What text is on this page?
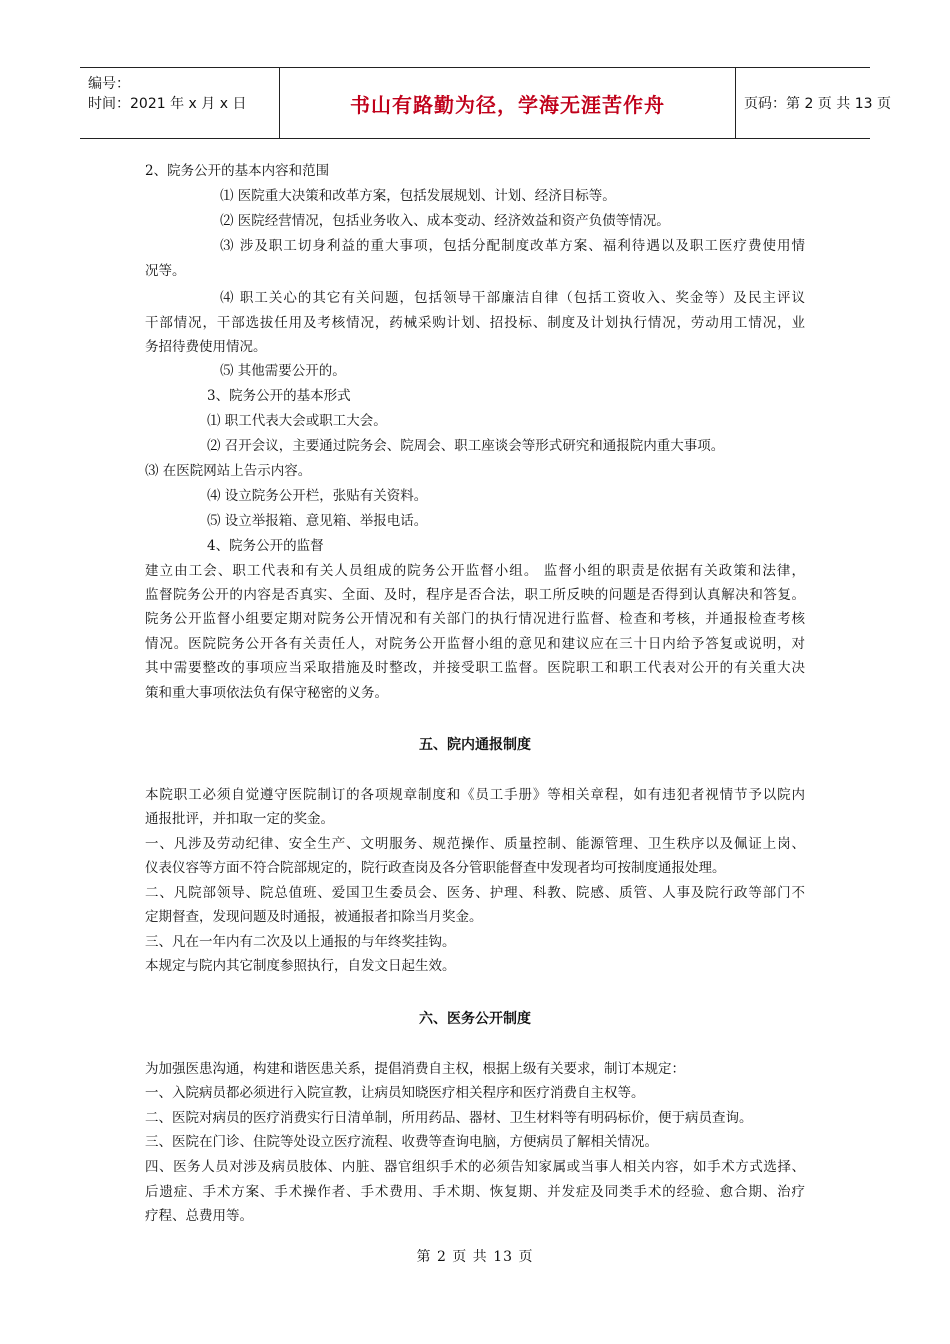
编号：
时间：2021 年 x 月 x 日	书山有路勤为径，学海无涯苦作舟	页码：第 2 页 共 13 页
2、院务公开的基本内容和范围
⑴ 医院重大决策和改革方案，包括发展规划、计划、经济目标等。
⑵ 医院经营情况，包括业务收入、成本变动、经济效益和资产负债等情况。
⑶ 涉及职工切身利益的重大事项，包括分配制度改革方案、福利待遇以及职工医疗费使用情
况等。
⑷ 职工关心的其它有关问题，包括领导干部廉洁自律（包括工资收入、奖金等）及民主评议
干部情况，干部选拔任用及考核情况，药械采购计划、招投标、制度及计划执行情况，劳动用工情况，业
务招待费使用情况。
⑸ 其他需要公开的。
3、院务公开的基本形式
⑴ 职工代表大会或职工大会。
⑵ 召开会议，主要通过院务会、院周会、职工座谈会等形式研究和通报院内重大事项。
⑶ 在医院网站上告示内容。
⑷ 设立院务公开栏，张贴有关资料。
⑸ 设立举报箱、意见箱、举报电话。
4、院务公开的监督
建立由工会、职工代表和有关人员组成的院务公开监督小组。 监督小组的职责是依据有关政策和法律，
监督院务公开的内容是否真实、全面、及时，程序是否合法，职工所反映的问题是否得到认真解决和答复。
院务公开监督小组要定期对院务公开情况和有关部门的执行情况进行监督、检查和考核，并通报检查考核
情况。医院院务公开各有关责任人，对院务公开监督小组的意见和建议应在三十日内给予答复或说明，对
其中需要整改的事项应当采取措施及时整改，并接受职工监督。医院职工和职工代表对公开的有关重大决
策和重大事项依法负有保守秘密的义务。
五、院内通报制度
本院职工必须自觉遵守医院制订的各项规章制度和《员工手册》等相关章程，如有违犯者视情节予以院内
通报批评，并扣取一定的奖金。
一、凡涉及劳动纪律、安全生产、文明服务、规范操作、质量控制、能源管理、卫生秩序以及佩证上岗、
仪表仪容等方面不符合院部规定的，院行政查岗及各分管职能督查中发现者均可按制度通报处理。
二、凡院部领导、院总值班、爱国卫生委员会、医务、护理、科教、院感、质管、人事及院行政等部门不
定期督查，发现问题及时通报，被通报者扣除当月奖金。
三、凡在一年内有二次及以上通报的与年终奖挂钩。
本规定与院内其它制度参照执行，自发文日起生效。
六、医务公开制度
为加强医患沟通，构建和谐医患关系，提倡消费自主权，根据上级有关要求，制订本规定：
一、入院病员都必须进行入院宣教，让病员知晓医疗相关程序和医疗消费自主权等。
二、医院对病员的医疗消费实行日清单制，所用药品、器材、卫生材料等有明码标价，便于病员查询。
三、医院在门诊、住院等处设立医疗流程、收费等查询电脑，方便病员了解相关情况。
四、医务人员对涉及病员肢体、内脏、器官组织手术的必须告知家属或当事人相关内容，如手术方式选择、
后遗症、手术方案、手术操作者、手术费用、手术期、恢复期、并发症及同类手术的经验、愈合期、治疗
疗程、总费用等。
第 2 页 共 13 页
